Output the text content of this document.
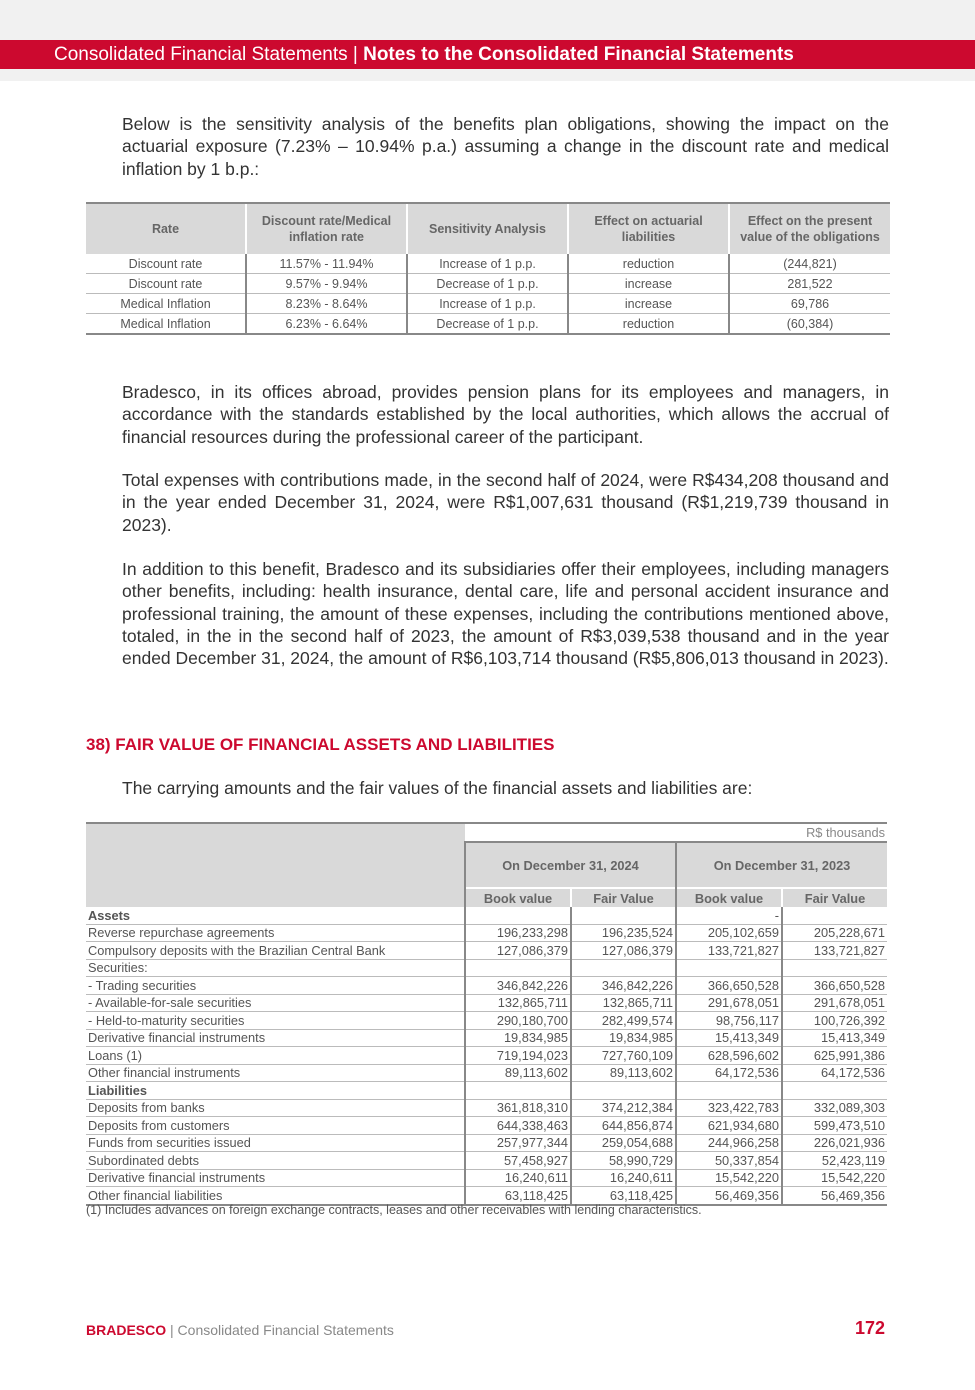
Consolidated Financial Statements | Notes to the Consolidated Financial Statements

Below is the sensitivity analysis of the benefits plan obligations, showing the impact on the actuarial exposure (7.23% – 10.94% p.a.) assuming a change in the discount rate and medical inflation by 1 b.p.:

Rate	Discount rate/Medical inflation rate	Sensitivity Analysis	Effect on actuarial liabilities	Effect on the present value of the obligations
Discount rate	11.57% - 11.94%	Increase of 1 p.p.	reduction	(244,821)
Discount rate	9.57% - 9.94%	Decrease of 1 p.p.	increase	281,522
Medical Inflation	8.23% - 8.64%	Increase of 1 p.p.	increase	69,786
Medical Inflation	6.23% - 6.64%	Decrease of 1 p.p.	reduction	(60,384)

Bradesco, in its offices abroad, provides pension plans for its employees and managers, in accordance with the standards established by the local authorities, which allows the accrual of financial resources during the professional career of the participant.

Total expenses with contributions made, in the second half of 2024, were R$434,208 thousand and in the year ended December 31, 2024, were R$1,007,631 thousand (R$1,219,739 thousand in 2023).

In addition to this benefit, Bradesco and its subsidiaries offer their employees, including managers other benefits, including: health insurance, dental care, life and personal accident insurance and professional training, the amount of these expenses, including the contributions mentioned above, totaled, in the in the second half of 2023, the amount of R$3,039,538 thousand and in the year ended December 31, 2024, the amount of R$6,103,714 thousand (R$5,806,013 thousand in 2023).

38) FAIR VALUE OF FINANCIAL ASSETS AND LIABILITIES

The carrying amounts and the fair values of the financial assets and liabilities are:

	R$ thousands			
	On December 31, 2024		On December 31, 2023	
	Book value	Fair Value	Book value	Fair Value
Assets			-	
Reverse repurchase agreements	196,233,298	196,235,524	205,102,659	205,228,671
Compulsory deposits with the Brazilian Central Bank	127,086,379	127,086,379	133,721,827	133,721,827
Securities:				
- Trading securities	346,842,226	346,842,226	366,650,528	366,650,528
- Available-for-sale securities	132,865,711	132,865,711	291,678,051	291,678,051
- Held-to-maturity securities	290,180,700	282,499,574	98,756,117	100,726,392
Derivative financial instruments	19,834,985	19,834,985	15,413,349	15,413,349
Loans (1)	719,194,023	727,760,109	628,596,602	625,991,386
Other financial instruments	89,113,602	89,113,602	64,172,536	64,172,536
Liabilities				
Deposits from banks	361,818,310	374,212,384	323,422,783	332,089,303
Deposits from customers	644,338,463	644,856,874	621,934,680	599,473,510
Funds from securities issued	257,977,344	259,054,688	244,966,258	226,021,936
Subordinated debts	57,458,927	58,990,729	50,337,854	52,423,119
Derivative financial instruments	16,240,611	16,240,611	15,542,220	15,542,220
Other financial liabilities	63,118,425	63,118,425	56,469,356	56,469,356

(1) Includes advances on foreign exchange contracts, leases and other receivables with lending characteristics.

BRADESCO | Consolidated Financial Statements	172
